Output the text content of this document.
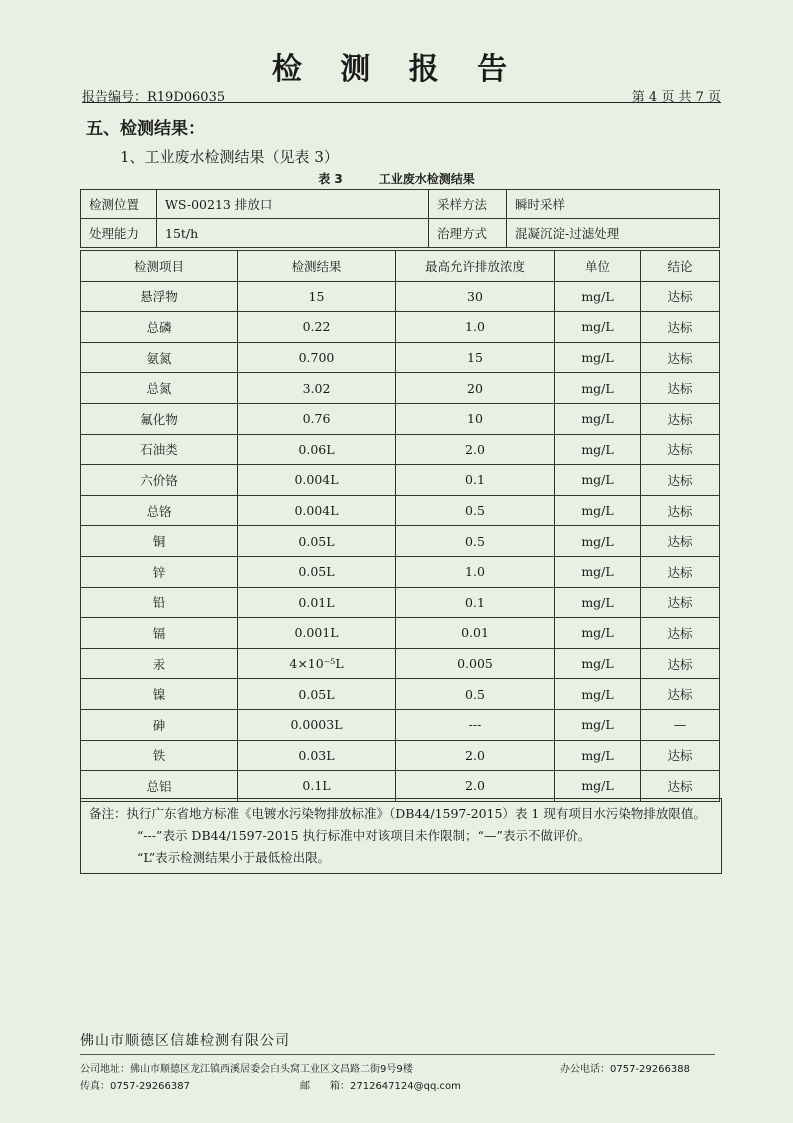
检 测 报 告
报告编号：R19D06035	第 4 页 共 7 页
五、检测结果：
1、工业废水检测结果（见表 3）
表 3	工业废水检测结果
检测位置	WS-00213 排放口	采样方法	瞬时采样
处理能力	15t/h	治理方式	混凝沉淀-过滤处理
检测项目	检测结果	最高允许排放浓度	单位	结论
悬浮物	15	30	mg/L	达标
总磷	0.22	1.0	mg/L	达标
氨氮	0.700	15	mg/L	达标
总氮	3.02	20	mg/L	达标
氟化物	0.76	10	mg/L	达标
石油类	0.06L	2.0	mg/L	达标
六价铬	0.004L	0.1	mg/L	达标
总铬	0.004L	0.5	mg/L	达标
铜	0.05L	0.5	mg/L	达标
锌	0.05L	1.0	mg/L	达标
铅	0.01L	0.1	mg/L	达标
镉	0.001L	0.01	mg/L	达标
汞	4×10⁻⁵L	0.005	mg/L	达标
镍	0.05L	0.5	mg/L	达标
砷	0.0003L	---	mg/L	—
铁	0.03L	2.0	mg/L	达标
总铝	0.1L	2.0	mg/L	达标
备注：执行广东省地方标准《电镀水污染物排放标准》（DB44/1597-2015）表 1 现有项目水污染物排放限值。
“---”表示 DB44/1597-2015 执行标准中对该项目未作限制；“—”表示不做评价。
“L”表示检测结果小于最低检出限。
佛山市顺德区信雄检测有限公司
公司地址：佛山市顺德区龙江镇西溪居委会白头窝工业区文昌路二街9号9楼	办公电话：0757-29266388
传真：0757-29266387	邮　　箱：2712647124@qq.com
